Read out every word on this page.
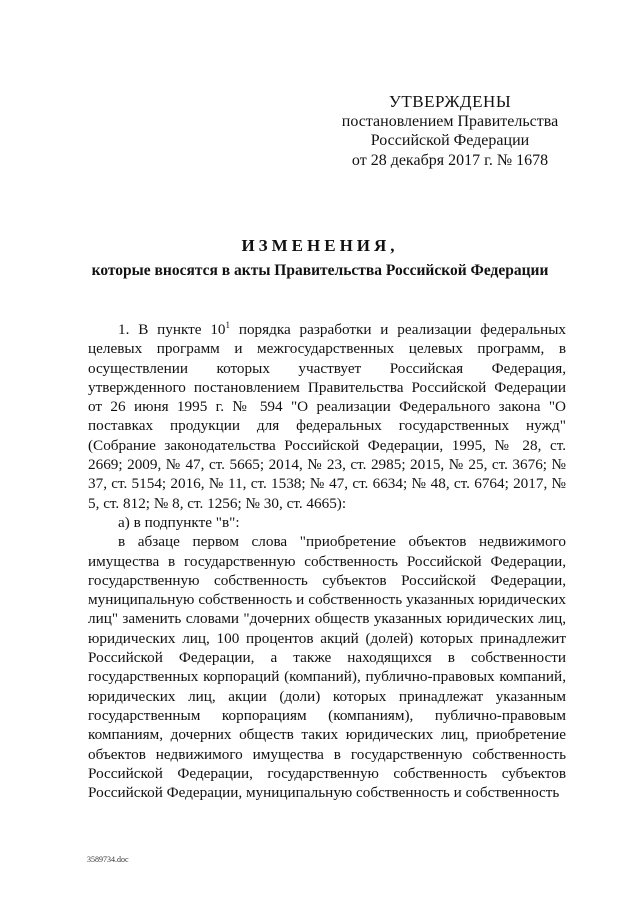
УТВЕРЖДЕНЫ
постановлением Правительства
Российской Федерации
от 28 декабря 2017 г. № 1678
ИЗМЕНЕНИЯ,
которые вносятся в акты Правительства Российской Федерации

1. В пункте $10^1$ порядка разработки и реализации федеральных целевых программ и межгосударственных целевых программ, в осуществлении которых участвует Российская Федерация, утвержденного постановлением Правительства Российской Федерации от 26 июня 1995 г. № 594 "О реализации Федерального закона "О поставках продукции для федеральных государственных нужд" (Собрание законодательства Российской Федерации, 1995, № 28, ст. 2669; 2009, № 47, ст. 5665; 2014, № 23, ст. 2985; 2015, № 25, ст. 3676; № 37, ст. 5154; 2016, № 11, ст. 1538; № 47, ст. 6634; № 48, ст. 6764; 2017, № 5, ст. 812; № 8, ст. 1256; № 30, ст. 4665):

а) в подпункте "в":

в абзаце первом слова "приобретение объектов недвижимого имущества в государственную собственность Российской Федерации, государственную собственность субъектов Российской Федерации, муниципальную собственность и собственность указанных юридических лиц" заменить словами "дочерних обществ указанных юридических лиц, юридических лиц, 100 процентов акций (долей) которых принадлежит Российской Федерации, а также находящихся в собственности государственных корпораций (компаний), публично-правовых компаний, юридических лиц, акции (доли) которых принадлежат указанным государственным корпорациям (компаниям), публично-правовым компаниям, дочерних обществ таких юридических лиц, приобретение объектов недвижимого имущества в государственную собственность Российской Федерации, государственную собственность субъектов Российской Федерации, муниципальную собственность и собственность

3589734.doc
